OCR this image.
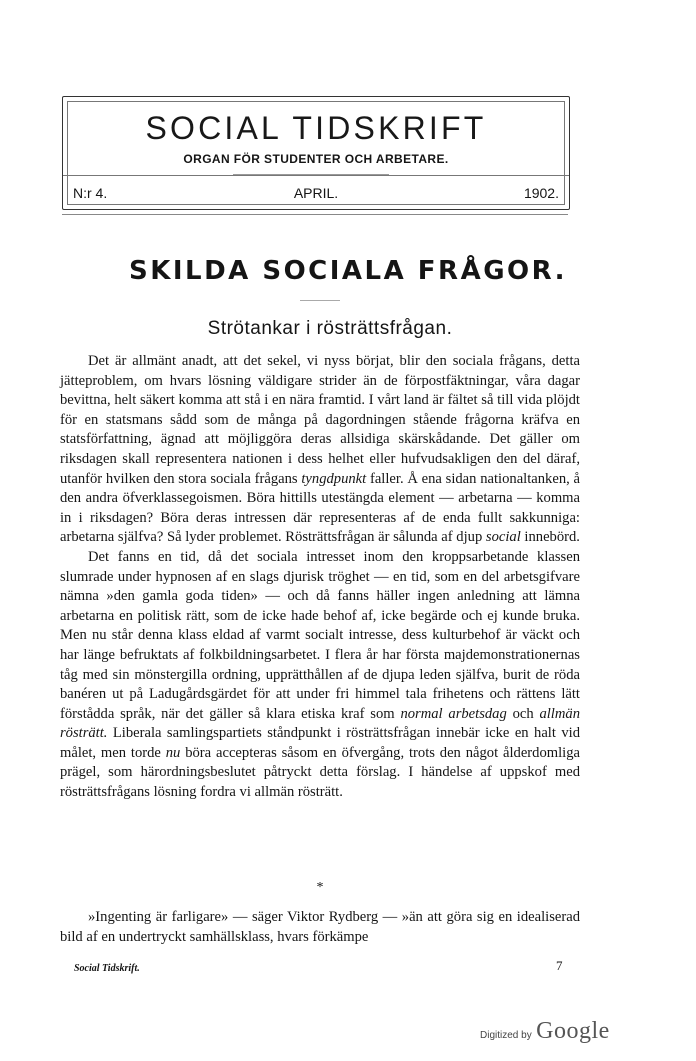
SOCIAL TIDSKRIFT
ORGAN FÖR STUDENTER OCH ARBETARE.
N:r 4.	APRIL.	1902.
SKILDA SOCIALA FRÅGOR.
Strötankar i rösträttsfrågan.

Det är allmänt anadt, att det sekel, vi nyss börjat, blir den sociala frågans, detta jätteproblem, om hvars lösning väldigare strider än de förpostfäktningar, våra dagar bevittna, helt säkert komma att stå i en nära framtid. I vårt land är fältet så till vida plöjdt för en statsmans sådd som de många på dagordningen stående frågorna kräfva en statsförfattning, ägnad att möjliggöra deras allsidiga skärskådande. Det gäller om riksdagen skall representera nationen i dess helhet eller hufvudsakligen den del däraf, utanför hvilken den stora sociala frågans tyngdpunkt faller. Å ena sidan nationaltanken, å den andra öfverklassegoismen. Böra hittills utestängda element — arbetarna — komma in i riksdagen? Böra deras intressen där representeras af de enda fullt sakkunniga: arbetarna själfva? Så lyder problemet. Rösträttsfrågan är sålunda af djup social innebörd.

Det fanns en tid, då det sociala intresset inom den kroppsarbetande klassen slumrade under hypnosen af en slags djurisk tröghet — en tid, som en del arbetsgifvare nämna »den gamla goda tiden» — och då fanns häller ingen anledning att lämna arbetarna en politisk rätt, som de icke hade behof af, icke begärde och ej kunde bruka. Men nu står denna klass eldad af varmt socialt intresse, dess kulturbehof är väckt och har länge befruktats af folkbildningsarbetet. I flera år har första majdemonstrationernas tåg med sin mönstergilla ordning, upprätthållen af de djupa leden själfva, burit de röda banéren ut på Ladugårdsgärdet för att under fri himmel tala frihetens och rättens lätt förstådda språk, när det gäller så klara etiska kraf som normal arbetsdag och allmän rösträtt. Liberala samlingspartiets ståndpunkt i rösträttsfrågan innebär icke en halt vid målet, men torde nu böra accepteras såsom en öfvergång, trots den något ålderdomliga prägel, som härordningsbeslutet påtryckt detta förslag. I händelse af uppskof med rösträttsfrågans lösning fordra vi allmän rösträtt.

*

»Ingenting är farligare» — säger Viktor Rydberg — »än att göra sig en idealiserad bild af en undertryckt samhällsklass, hvars förkämpe

Social Tidskrift.	7
Digitized by Google
